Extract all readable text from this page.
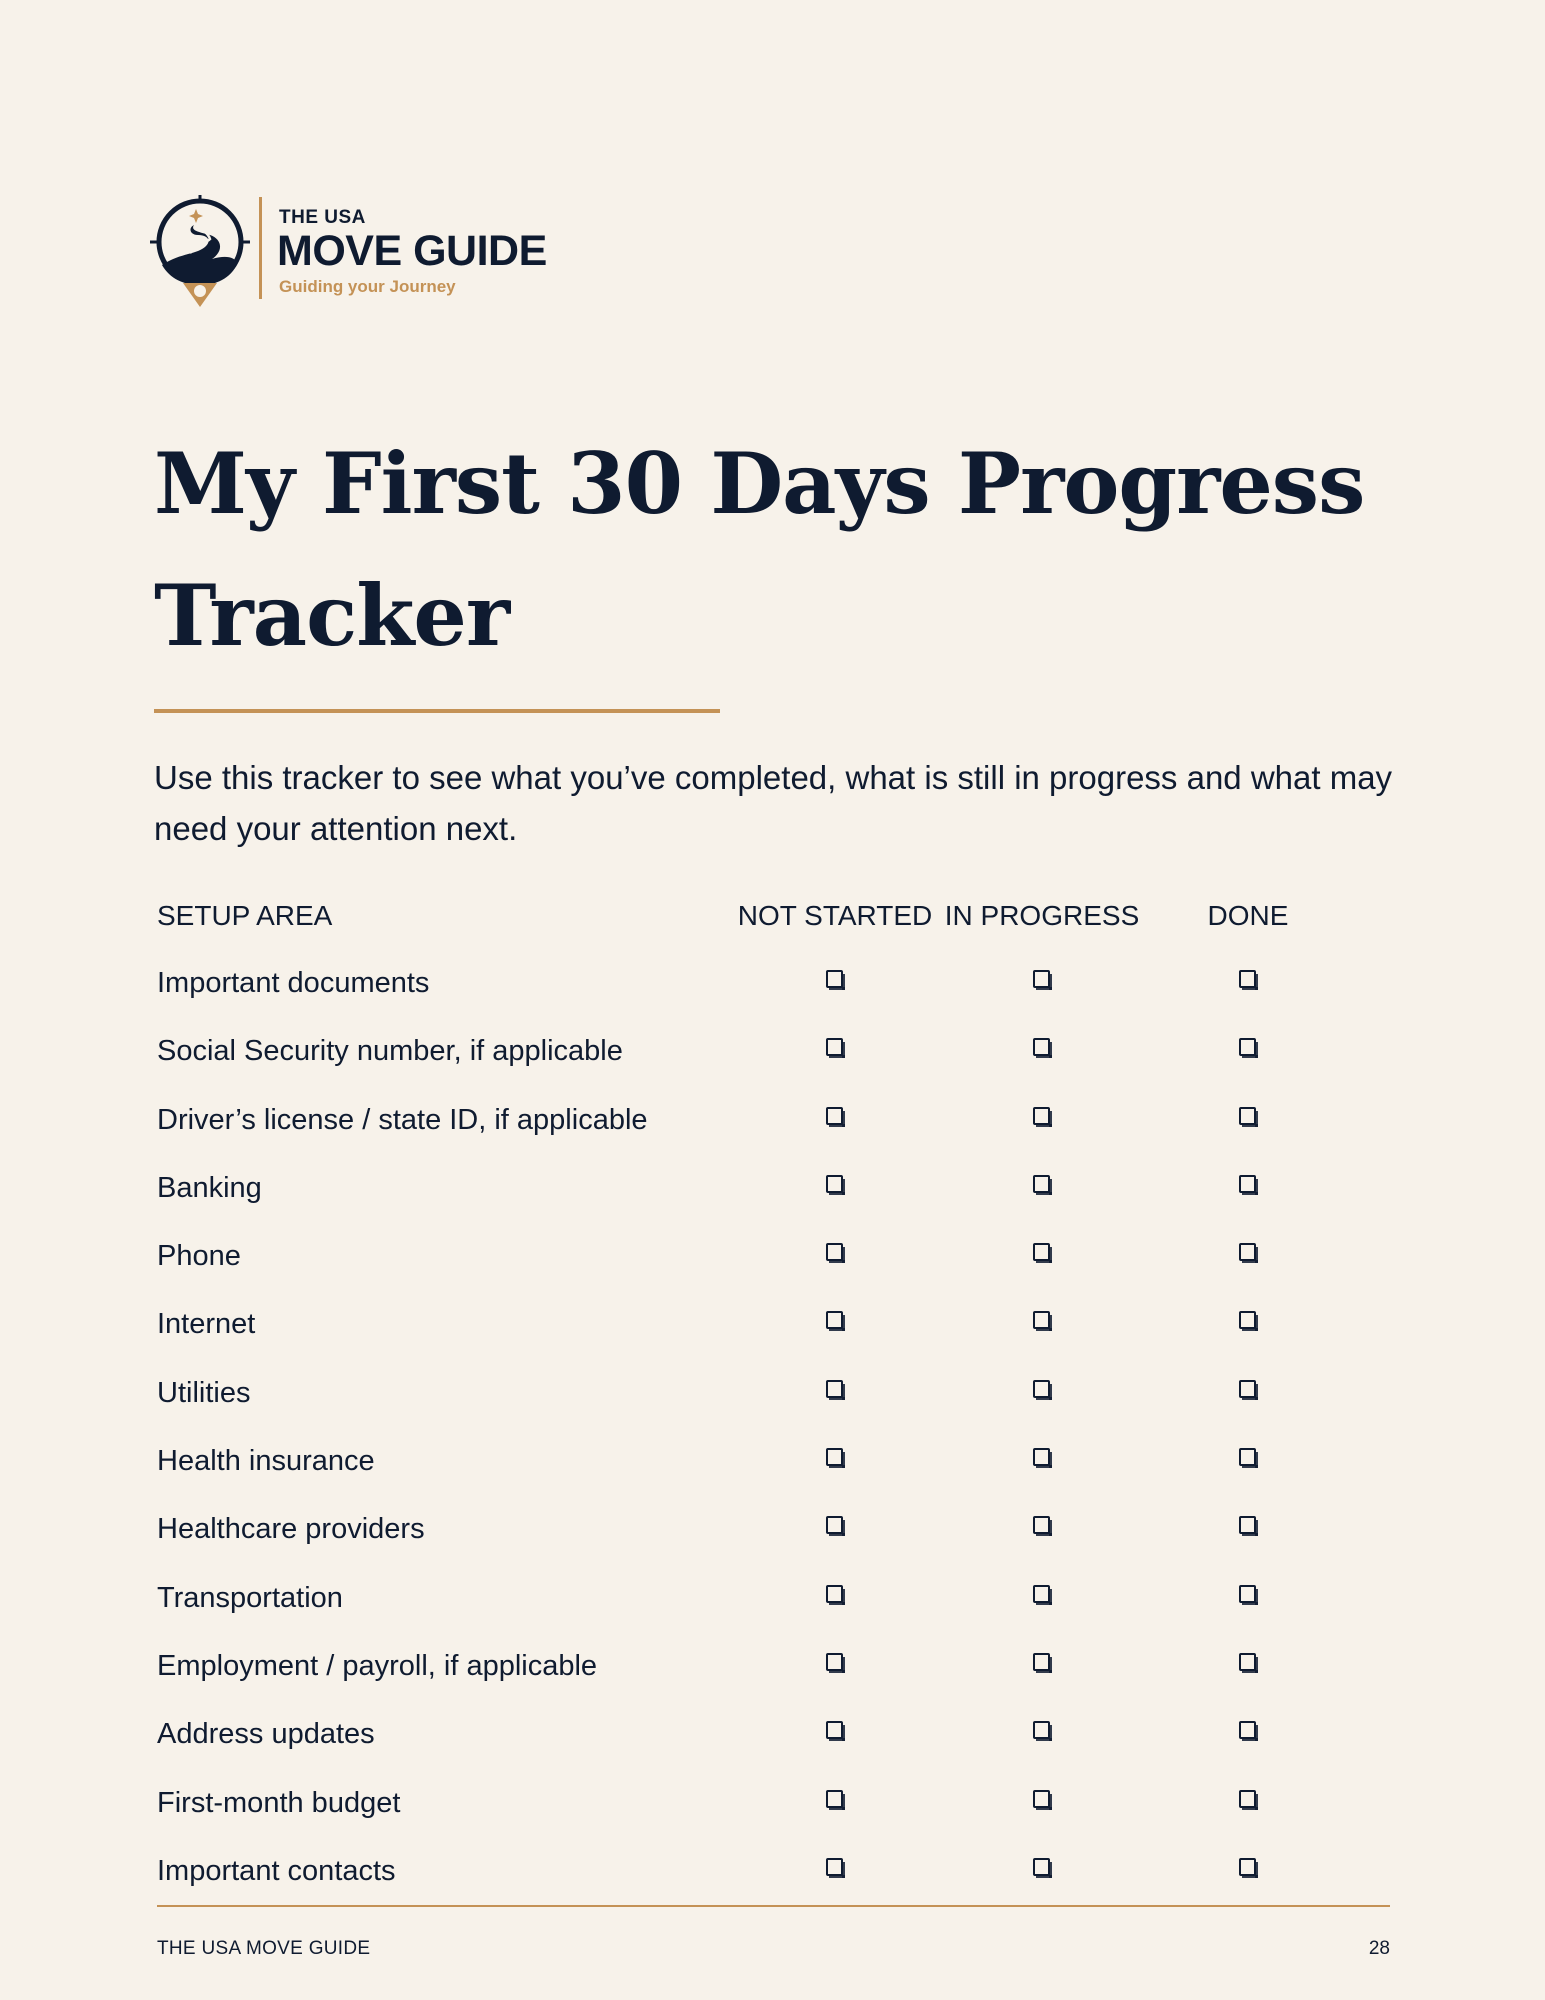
THE USA
MOVE GUIDE
Guiding your Journey
My First 30 Days Progress Tracker

Use this tracker to see what you’ve completed, what is still in progress and what may need your attention next.

SETUP AREA	NOT STARTED IN PROGRESS DONE
Important documents
Social Security number, if applicable
Driver’s license / state ID, if applicable
Banking
Phone
Internet
Utilities
Health insurance
Healthcare providers
Transportation
Employment / payroll, if applicable
Address updates
First-month budget
Important contacts
THE USA MOVE GUIDE	28
